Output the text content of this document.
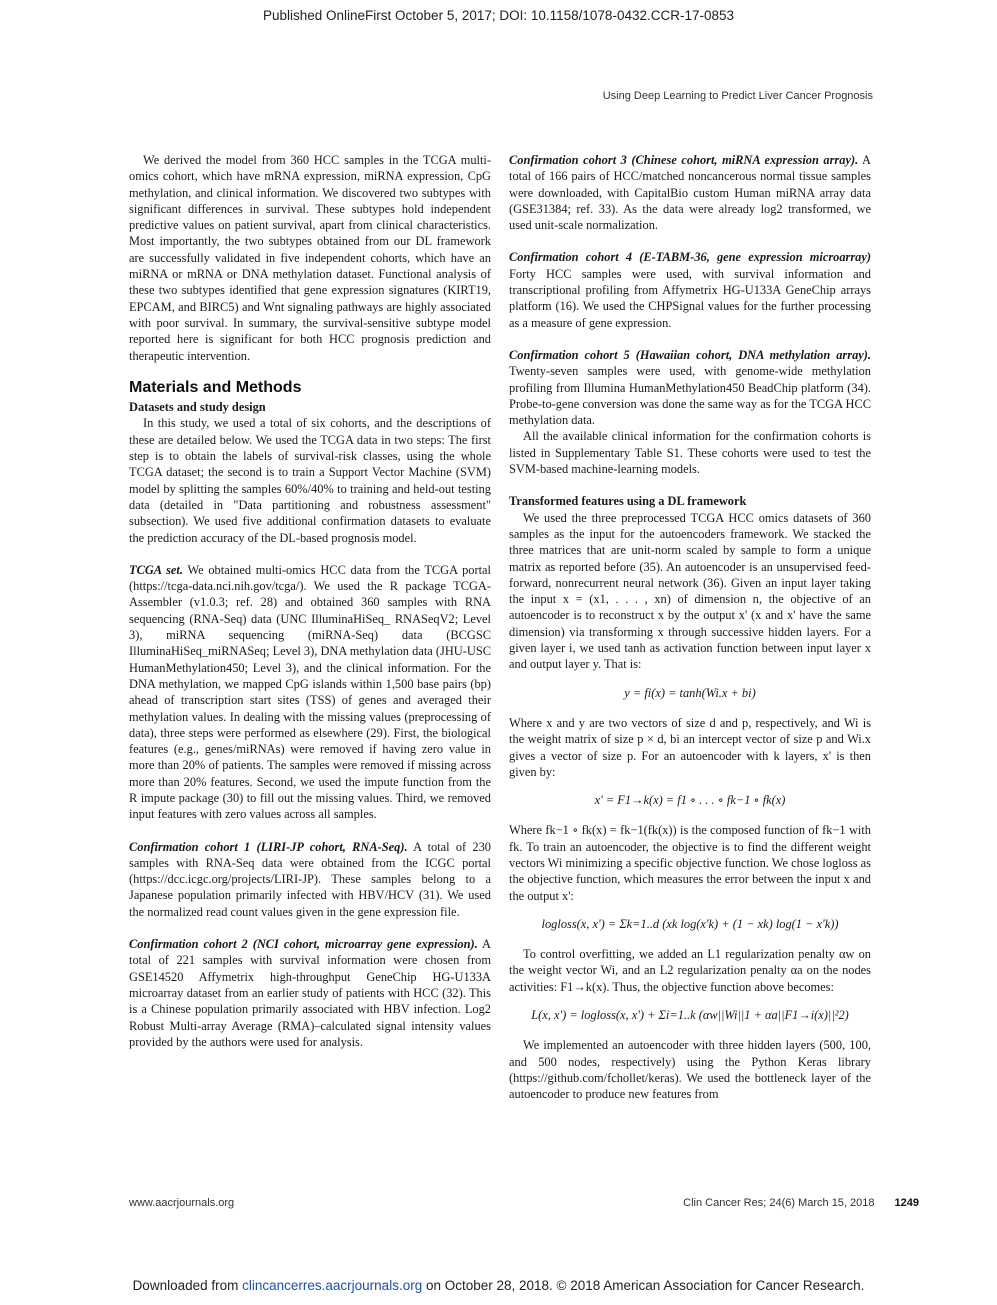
Published OnlineFirst October 5, 2017; DOI: 10.1158/1078-0432.CCR-17-0853
Using Deep Learning to Predict Liver Cancer Prognosis

We derived the model from 360 HCC samples in the TCGA multi-omics cohort, which have mRNA expression, miRNA expression, CpG methylation, and clinical information. We discovered two subtypes with significant differences in survival. These subtypes hold independent predictive values on patient survival, apart from clinical characteristics. Most importantly, the two subtypes obtained from our DL framework are successfully validated in five independent cohorts, which have an miRNA or mRNA or DNA methylation dataset. Functional analysis of these two subtypes identified that gene expression signatures (KIRT19, EPCAM, and BIRC5) and Wnt signaling pathways are highly associated with poor survival. In summary, the survival-sensitive subtype model reported here is significant for both HCC prognosis prediction and therapeutic intervention.

Materials and Methods
Datasets and study design

In this study, we used a total of six cohorts, and the descriptions of these are detailed below. We used the TCGA data in two steps: The first step is to obtain the labels of survival-risk classes, using the whole TCGA dataset; the second is to train a Support Vector Machine (SVM) model by splitting the samples 60%/40% to training and held-out testing data (detailed in "Data partitioning and robustness assessment" subsection). We used five additional confirmation datasets to evaluate the prediction accuracy of the DL-based prognosis model.

TCGA set. We obtained multi-omics HCC data from the TCGA portal (https://tcga-data.nci.nih.gov/tcga/). We used the R package TCGA-Assembler (v1.0.3; ref. 28) and obtained 360 samples with RNA sequencing (RNA-Seq) data (UNC IlluminaHiSeq_ RNASeqV2; Level 3), miRNA sequencing (miRNA-Seq) data (BCGSC IlluminaHiSeq_miRNASeq; Level 3), DNA methylation data (JHU-USC HumanMethylation450; Level 3), and the clinical information. For the DNA methylation, we mapped CpG islands within 1,500 base pairs (bp) ahead of transcription start sites (TSS) of genes and averaged their methylation values. In dealing with the missing values (preprocessing of data), three steps were performed as elsewhere (29). First, the biological features (e.g., genes/miRNAs) were removed if having zero value in more than 20% of patients. The samples were removed if missing across more than 20% features. Second, we used the impute function from the R impute package (30) to fill out the missing values. Third, we removed input features with zero values across all samples.

Confirmation cohort 1 (LIRI-JP cohort, RNA-Seq). A total of 230 samples with RNA-Seq data were obtained from the ICGC portal (https://dcc.icgc.org/projects/LIRI-JP). These samples belong to a Japanese population primarily infected with HBV/HCV (31). We used the normalized read count values given in the gene expression file.

Confirmation cohort 2 (NCI cohort, microarray gene expression). A total of 221 samples with survival information were chosen from GSE14520 Affymetrix high-throughput GeneChip HG-U133A microarray dataset from an earlier study of patients with HCC (32). This is a Chinese population primarily associated with HBV infection. Log2 Robust Multi-array Average (RMA)–calculated signal intensity values provided by the authors were used for analysis.

Confirmation cohort 3 (Chinese cohort, miRNA expression array). A total of 166 pairs of HCC/matched noncancerous normal tissue samples were downloaded, with CapitalBio custom Human miRNA array data (GSE31384; ref. 33). As the data were already log2 transformed, we used unit-scale normalization.

Confirmation cohort 4 (E-TABM-36, gene expression microarray) Forty HCC samples were used, with survival information and transcriptional profiling from Affymetrix HG-U133A GeneChip arrays platform (16). We used the CHPSignal values for the further processing as a measure of gene expression.

Confirmation cohort 5 (Hawaiian cohort, DNA methylation array). Twenty-seven samples were used, with genome-wide methylation profiling from Illumina HumanMethylation450 BeadChip platform (34). Probe-to-gene conversion was done the same way as for the TCGA HCC methylation data.

All the available clinical information for the confirmation cohorts is listed in Supplementary Table S1. These cohorts were used to test the SVM-based machine-learning models.

Transformed features using a DL framework

We used the three preprocessed TCGA HCC omics datasets of 360 samples as the input for the autoencoders framework. We stacked the three matrices that are unit-norm scaled by sample to form a unique matrix as reported before (35). An autoencoder is an unsupervised feed-forward, nonrecurrent neural network (36). Given an input layer taking the input x = (x1, . . . , xn) of dimension n, the objective of an autoencoder is to reconstruct x by the output x' (x and x' have the same dimension) via transforming x through successive hidden layers. For a given layer i, we used tanh as activation function between input layer x and output layer y. That is:

y = fi(x) = tanh(Wi.x + bi)

Where x and y are two vectors of size d and p, respectively, and Wi is the weight matrix of size p × d, bi an intercept vector of size p and Wi.x gives a vector of size p. For an autoencoder with k layers, x' is then given by:

x' = F1→k(x) = f1 ∘ . . . ∘ fk−1 ∘ fk(x)

Where fk−1 ∘ fk(x) = fk−1(fk(x)) is the composed function of fk−1 with fk. To train an autoencoder, the objective is to find the different weight vectors Wi minimizing a specific objective function. We chose logloss as the objective function, which measures the error between the input x and the output x':

logloss(x, x') = Σk=1..d (xk log(x'k) + (1 − xk) log(1 − x'k))

To control overfitting, we added an L1 regularization penalty αw on the weight vector Wi, and an L2 regularization penalty αa on the nodes activities: F1→k(x). Thus, the objective function above becomes:

L(x, x') = logloss(x, x') + Σi=1..k (αw||Wi||1 + αa||F1→i(x)||²2)

We implemented an autoencoder with three hidden layers (500, 100, and 500 nodes, respectively) using the Python Keras library (https://github.com/fchollet/keras). We used the bottleneck layer of the autoencoder to produce new features from

www.aacrjournals.org	Clin Cancer Res; 24(6) March 15, 2018 1249
Downloaded from clincancerres.aacrjournals.org on October 28, 2018. © 2018 American Association for Cancer Research.
